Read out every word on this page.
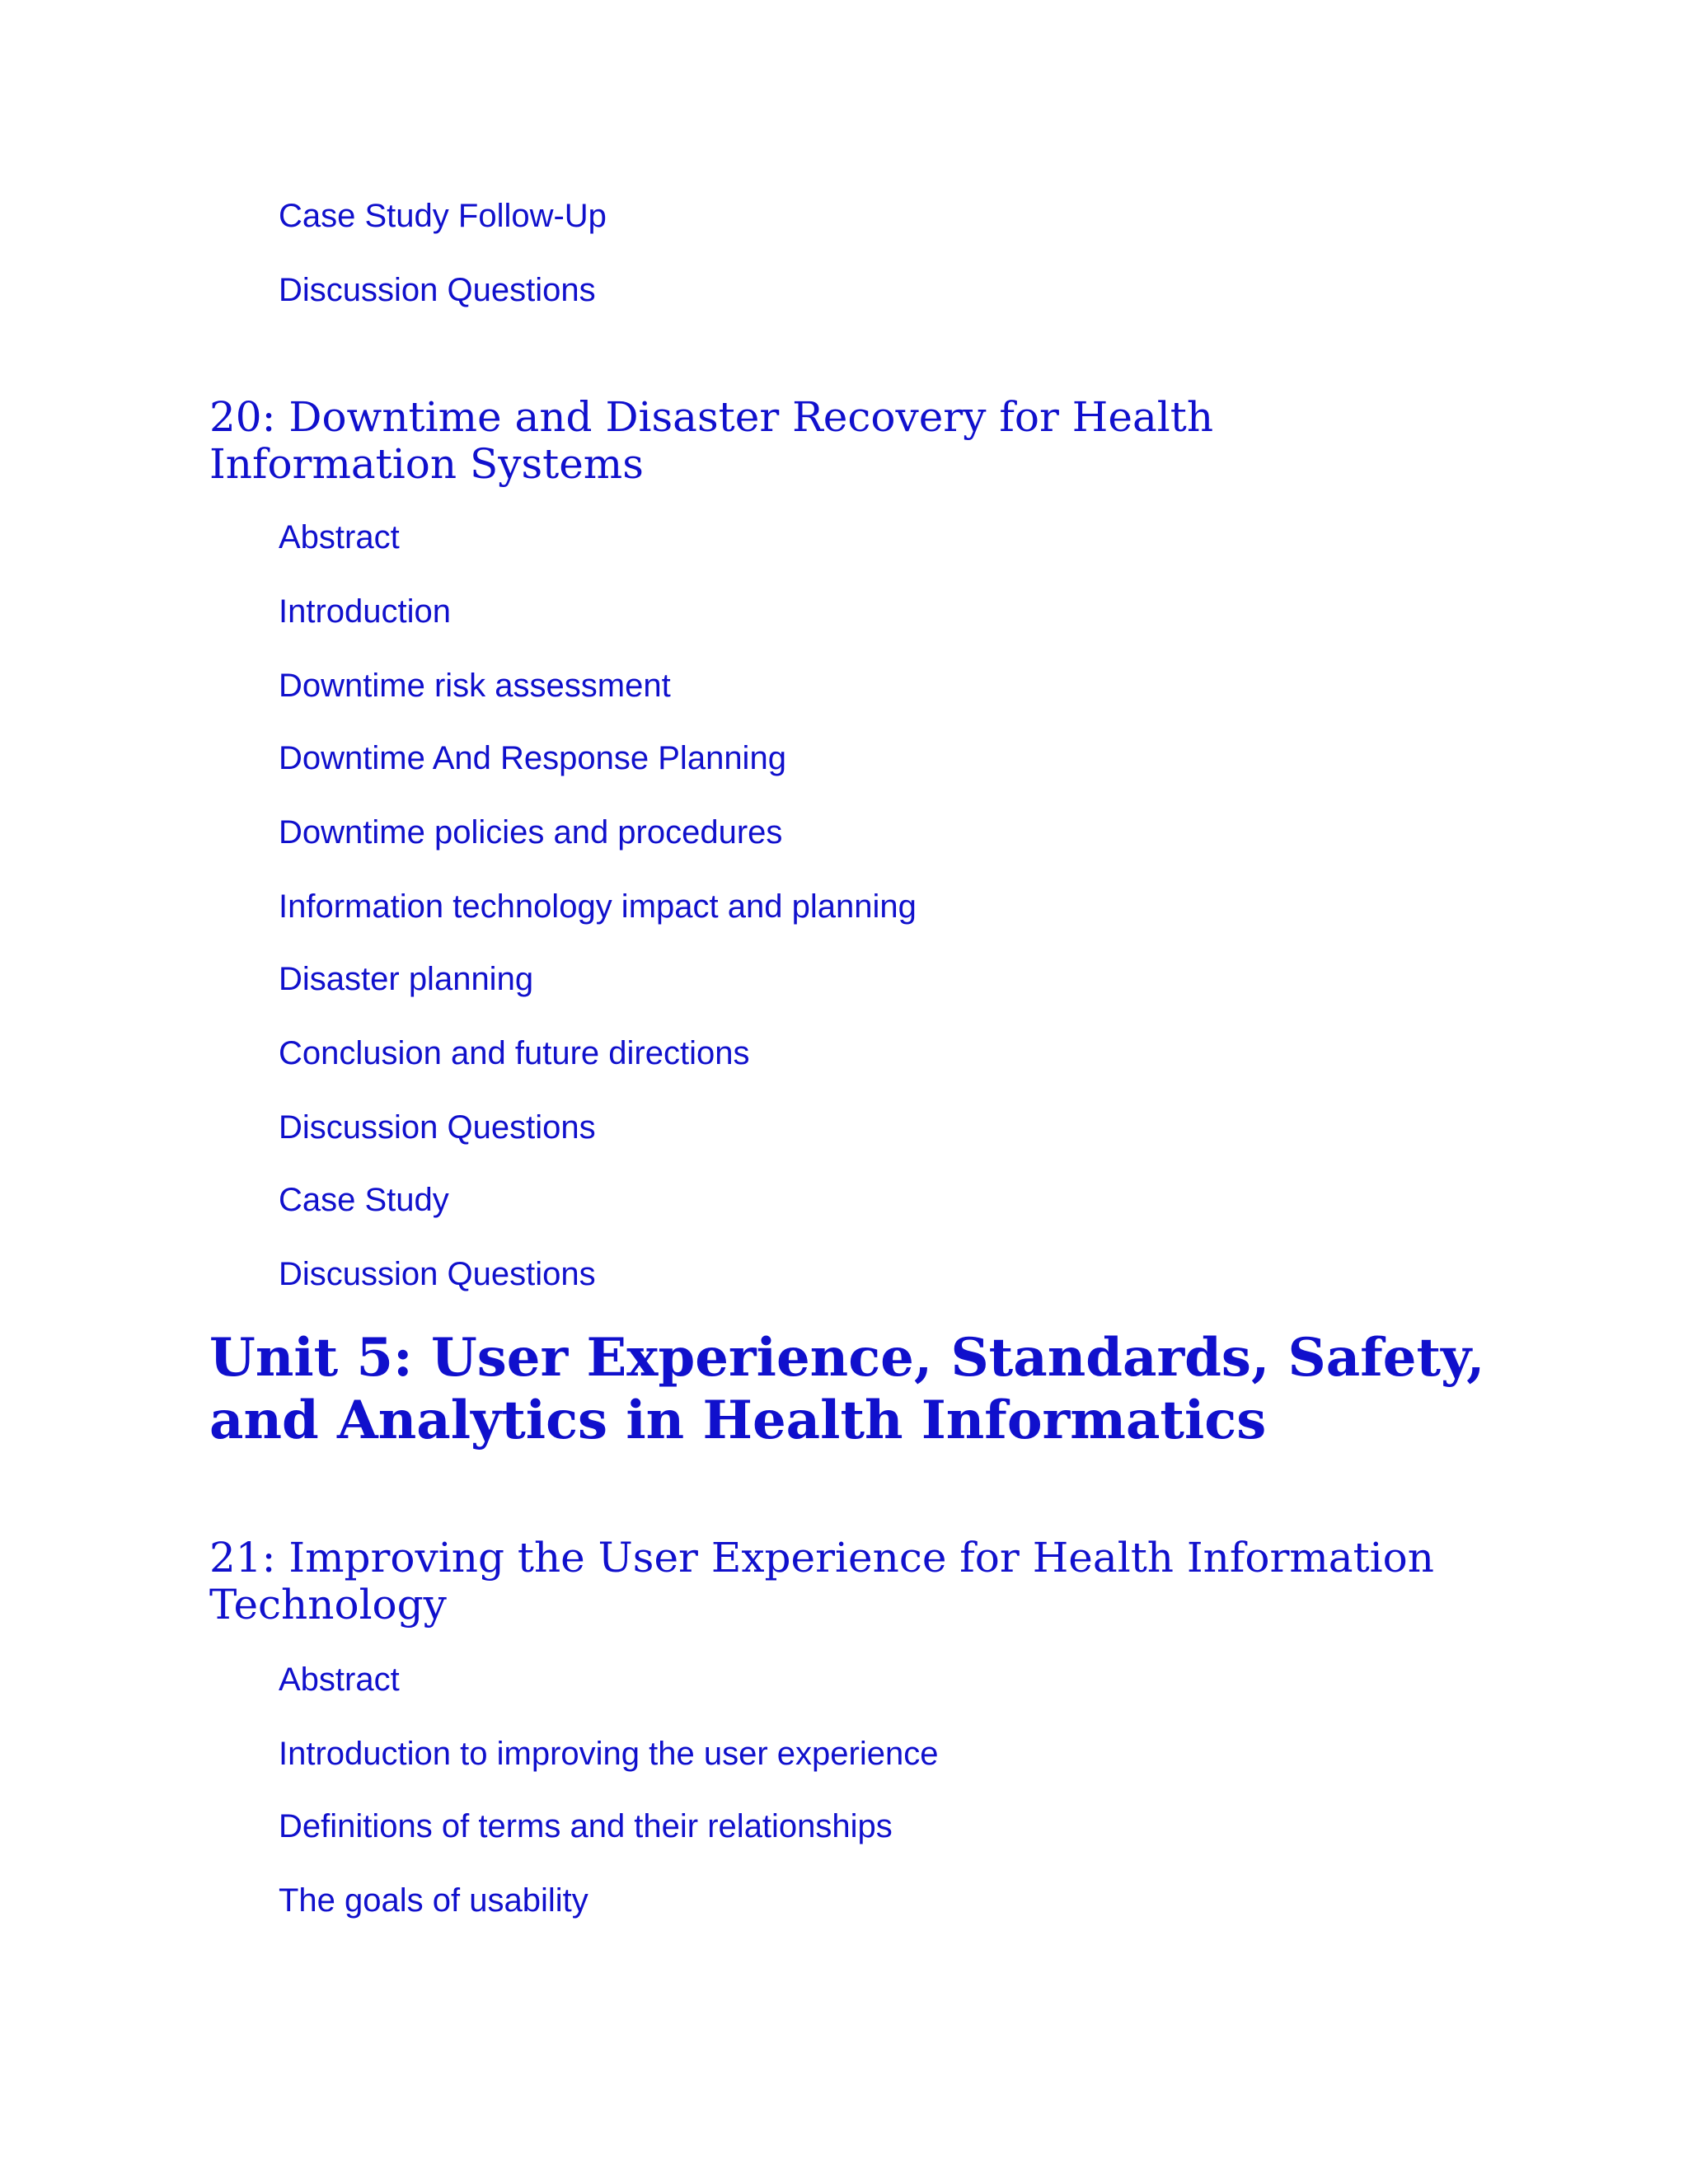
Case Study Follow-Up
Discussion Questions
20: Downtime and Disaster Recovery for Health Information Systems
Abstract
Introduction
Downtime risk assessment
Downtime And Response Planning
Downtime policies and procedures
Information technology impact and planning
Disaster planning
Conclusion and future directions
Discussion Questions
Case Study
Discussion Questions
Unit 5: User Experience, Standards, Safety, and Analytics in Health Informatics
21: Improving the User Experience for Health Information Technology
Abstract
Introduction to improving the user experience
Definitions of terms and their relationships
The goals of usability
